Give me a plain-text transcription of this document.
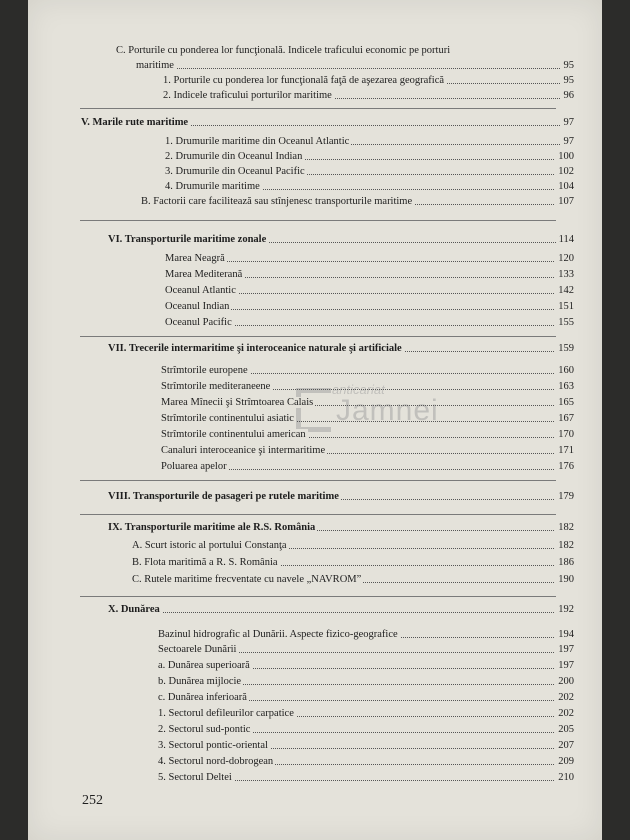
anticariat
Jamnei
C. Porturile cu ponderea lor funcţională. Indicele traficului economic pe porturi
maritime	95
1. Porturile cu ponderea lor funcţională faţă de aşezarea geografică	95
2. Indicele traficului porturilor maritime	96
V. Marile rute maritime	97
1. Drumurile maritime din Oceanul Atlantic	97
2. Drumurile din Oceanul Indian	100
3. Drumurile din Oceanul Pacific	102
4. Drumurile maritime	104
B. Factorii care facilitează sau stînjenesc transporturile maritime	107
VI. Transporturile maritime zonale	114
Marea Neagră	120
Marea Mediterană	133
Oceanul Atlantic	142
Oceanul Indian	151
Oceanul Pacific	155
VII. Trecerile intermaritime şi interoceanice naturale şi artificiale	159
Strîmtorile europene	160
Strîmtorile mediteraneene	163
Marea Mînecii şi Strîmtoarea Calais	165
Strîmtorile continentului asiatic	167
Strîmtorile continentului american	170
Canaluri interoceanice şi intermaritime	171
Poluarea apelor	176
VIII. Transporturile de pasageri pe rutele maritime	179
IX. Transporturile maritime ale R.S. România	182
A. Scurt istoric al portului Constanţa	182
B. Flota maritimă a R. S. România	186
C. Rutele maritime frecventate cu navele „NAVROM”	190
X. Dunărea	192
Bazinul hidrografic al Dunării. Aspecte fizico-geografice	194
Sectoarele Dunării	197
a. Dunărea superioară	197
b. Dunărea mijlocie	200
c. Dunărea inferioară	202
1. Sectorul defileurilor carpatice	202
2. Sectorul sud-pontic	205
3. Sectorul pontic-oriental	207
4. Sectorul nord-dobrogean	209
5. Sectorul Deltei	210
252
